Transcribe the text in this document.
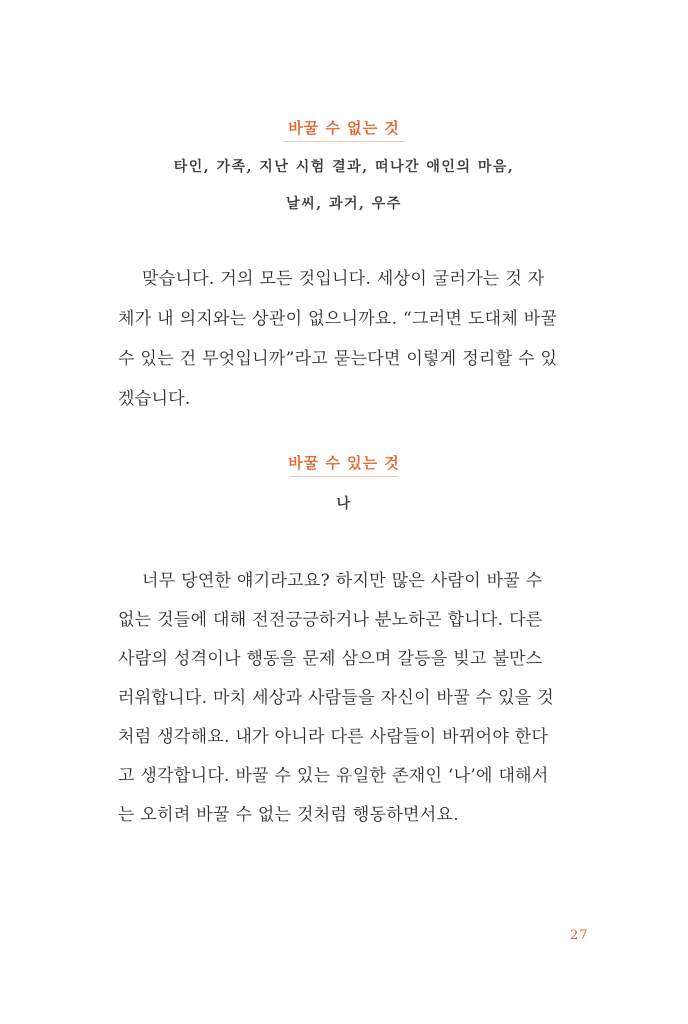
바꿀 수 없는 것
타인, 가족, 지난 시험 결과, 떠나간 애인의 마음,
날씨, 과거, 우주
맞습니다. 거의 모든 것입니다. 세상이 굴러가는 것 자
체가 내 의지와는 상관이 없으니까요. “그러면 도대체 바꿀
수 있는 건 무엇입니까”라고 묻는다면 이렇게 정리할 수 있
겠습니다.
바꿀 수 있는 것
나
너무 당연한 얘기라고요? 하지만 많은 사람이 바꿀 수
없는 것들에 대해 전전긍긍하거나 분노하곤 합니다. 다른
사람의 성격이나 행동을 문제 삼으며 갈등을 빚고 불만스
러워합니다. 마치 세상과 사람들을 자신이 바꿀 수 있을 것
처럼 생각해요. 내가 아니라 다른 사람들이 바뀌어야 한다
고 생각합니다. 바꿀 수 있는 유일한 존재인 ‘나’에 대해서
는 오히려 바꿀 수 없는 것처럼 행동하면서요.
27
